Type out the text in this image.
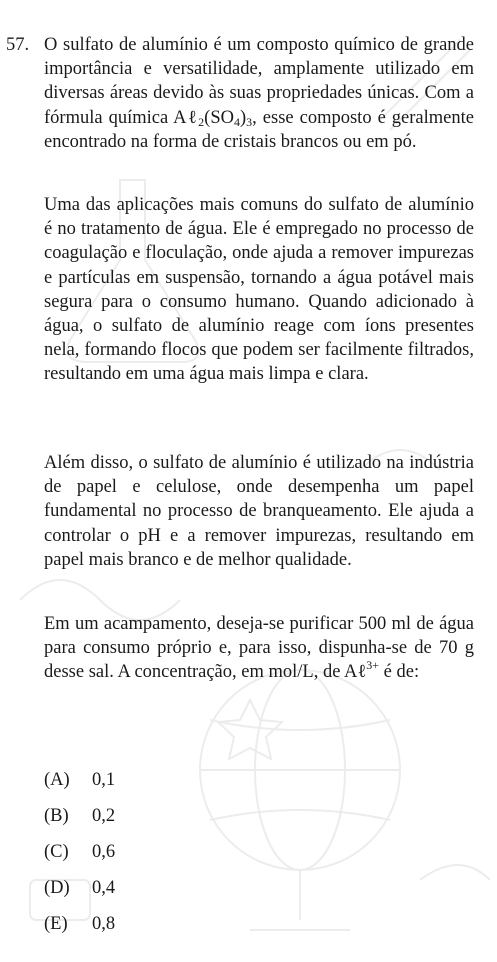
57. O sulfato de alumínio é um composto químico de grande importância e versatilidade, amplamente utilizado em diversas áreas devido às suas propriedades únicas. Com a fórmula química $A\ell_2(SO_4)_3$, esse composto é geralmente encontrado na forma de cristais brancos ou em pó.

Uma das aplicações mais comuns do sulfato de alumínio é no tratamento de água. Ele é empregado no processo de coagulação e floculação, onde ajuda a remover impurezas e partículas em suspensão, tornando a água potável mais segura para o consumo humano. Quando adicionado à água, o sulfato de alumínio reage com íons presentes nela, formando flocos que podem ser facilmente filtrados, resultando em uma água mais limpa e clara.

Além disso, o sulfato de alumínio é utilizado na indústria de papel e celulose, onde desempenha um papel fundamental no processo de branqueamento. Ele ajuda a controlar o pH e a remover impurezas, resultando em papel mais branco e de melhor qualidade.

Em um acampamento, deseja-se purificar 500 ml de água para consumo próprio e, para isso, dispunha-se de 70 g desse sal. A concentração, em mol/L, de Aℓ$^{3+}$ é de:

(A)	0,1
(B)	0,2
(C)	0,6
(D)	0,4
(E)	0,8
